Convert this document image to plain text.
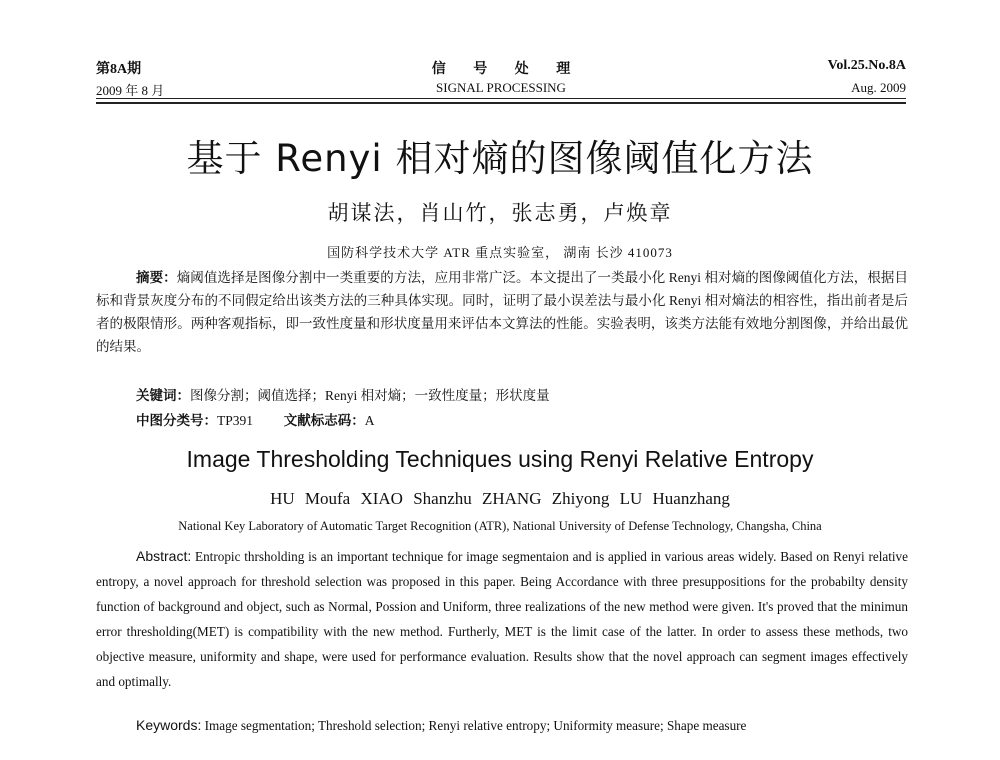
第8A期	信 号 处 理	Vol.25.No.8A
2009 年 8 月	SIGNAL PROCESSING	Aug. 2009
基于 Renyi 相对熵的图像阈值化方法
胡谋法，肖山竹，张志勇，卢焕章
国防科学技术大学 ATR 重点实验室， 湖南 长沙 410073

摘要：熵阈值选择是图像分割中一类重要的方法，应用非常广泛。本文提出了一类最小化 Renyi 相对熵的图像阈值化方法，根据目标和背景灰度分布的不同假定给出该类方法的三种具体实现。同时，证明了最小误差法与最小化 Renyi 相对熵法的相容性，指出前者是后者的极限情形。两种客观指标，即一致性度量和形状度量用来评估本文算法的性能。实验表明，该类方法能有效地分割图像，并给出最优的结果。

关键词：图像分割；阈值选择；Renyi 相对熵；一致性度量；形状度量
中图分类号：TP391 文献标志码：A
Image Thresholding Techniques using Renyi Relative Entropy
HU Moufa XIAO Shanzhu ZHANG Zhiyong LU Huanzhang
National Key Laboratory of Automatic Target Recognition (ATR), National University of Defense Technology, Changsha, China

Abstract: Entropic thrsholding is an important technique for image segmentaion and is applied in various areas widely. Based on Renyi relative entropy, a novel approach for threshold selection was proposed in this paper. Being Accordance with three presuppositions for the probabilty density function of background and object, such as Normal, Possion and Uniform, three realizations of the new method were given. It's proved that the minimun error thresholding(MET) is compatibility with the new method. Furtherly, MET is the limit case of the latter. In order to assess these methods, two objective measure, uniformity and shape, were used for performance evaluation. Results show that the novel approach can segment images effectively and optimally.

Keywords: Image segmentation; Threshold selection; Renyi relative entropy; Uniformity measure; Shape measure
